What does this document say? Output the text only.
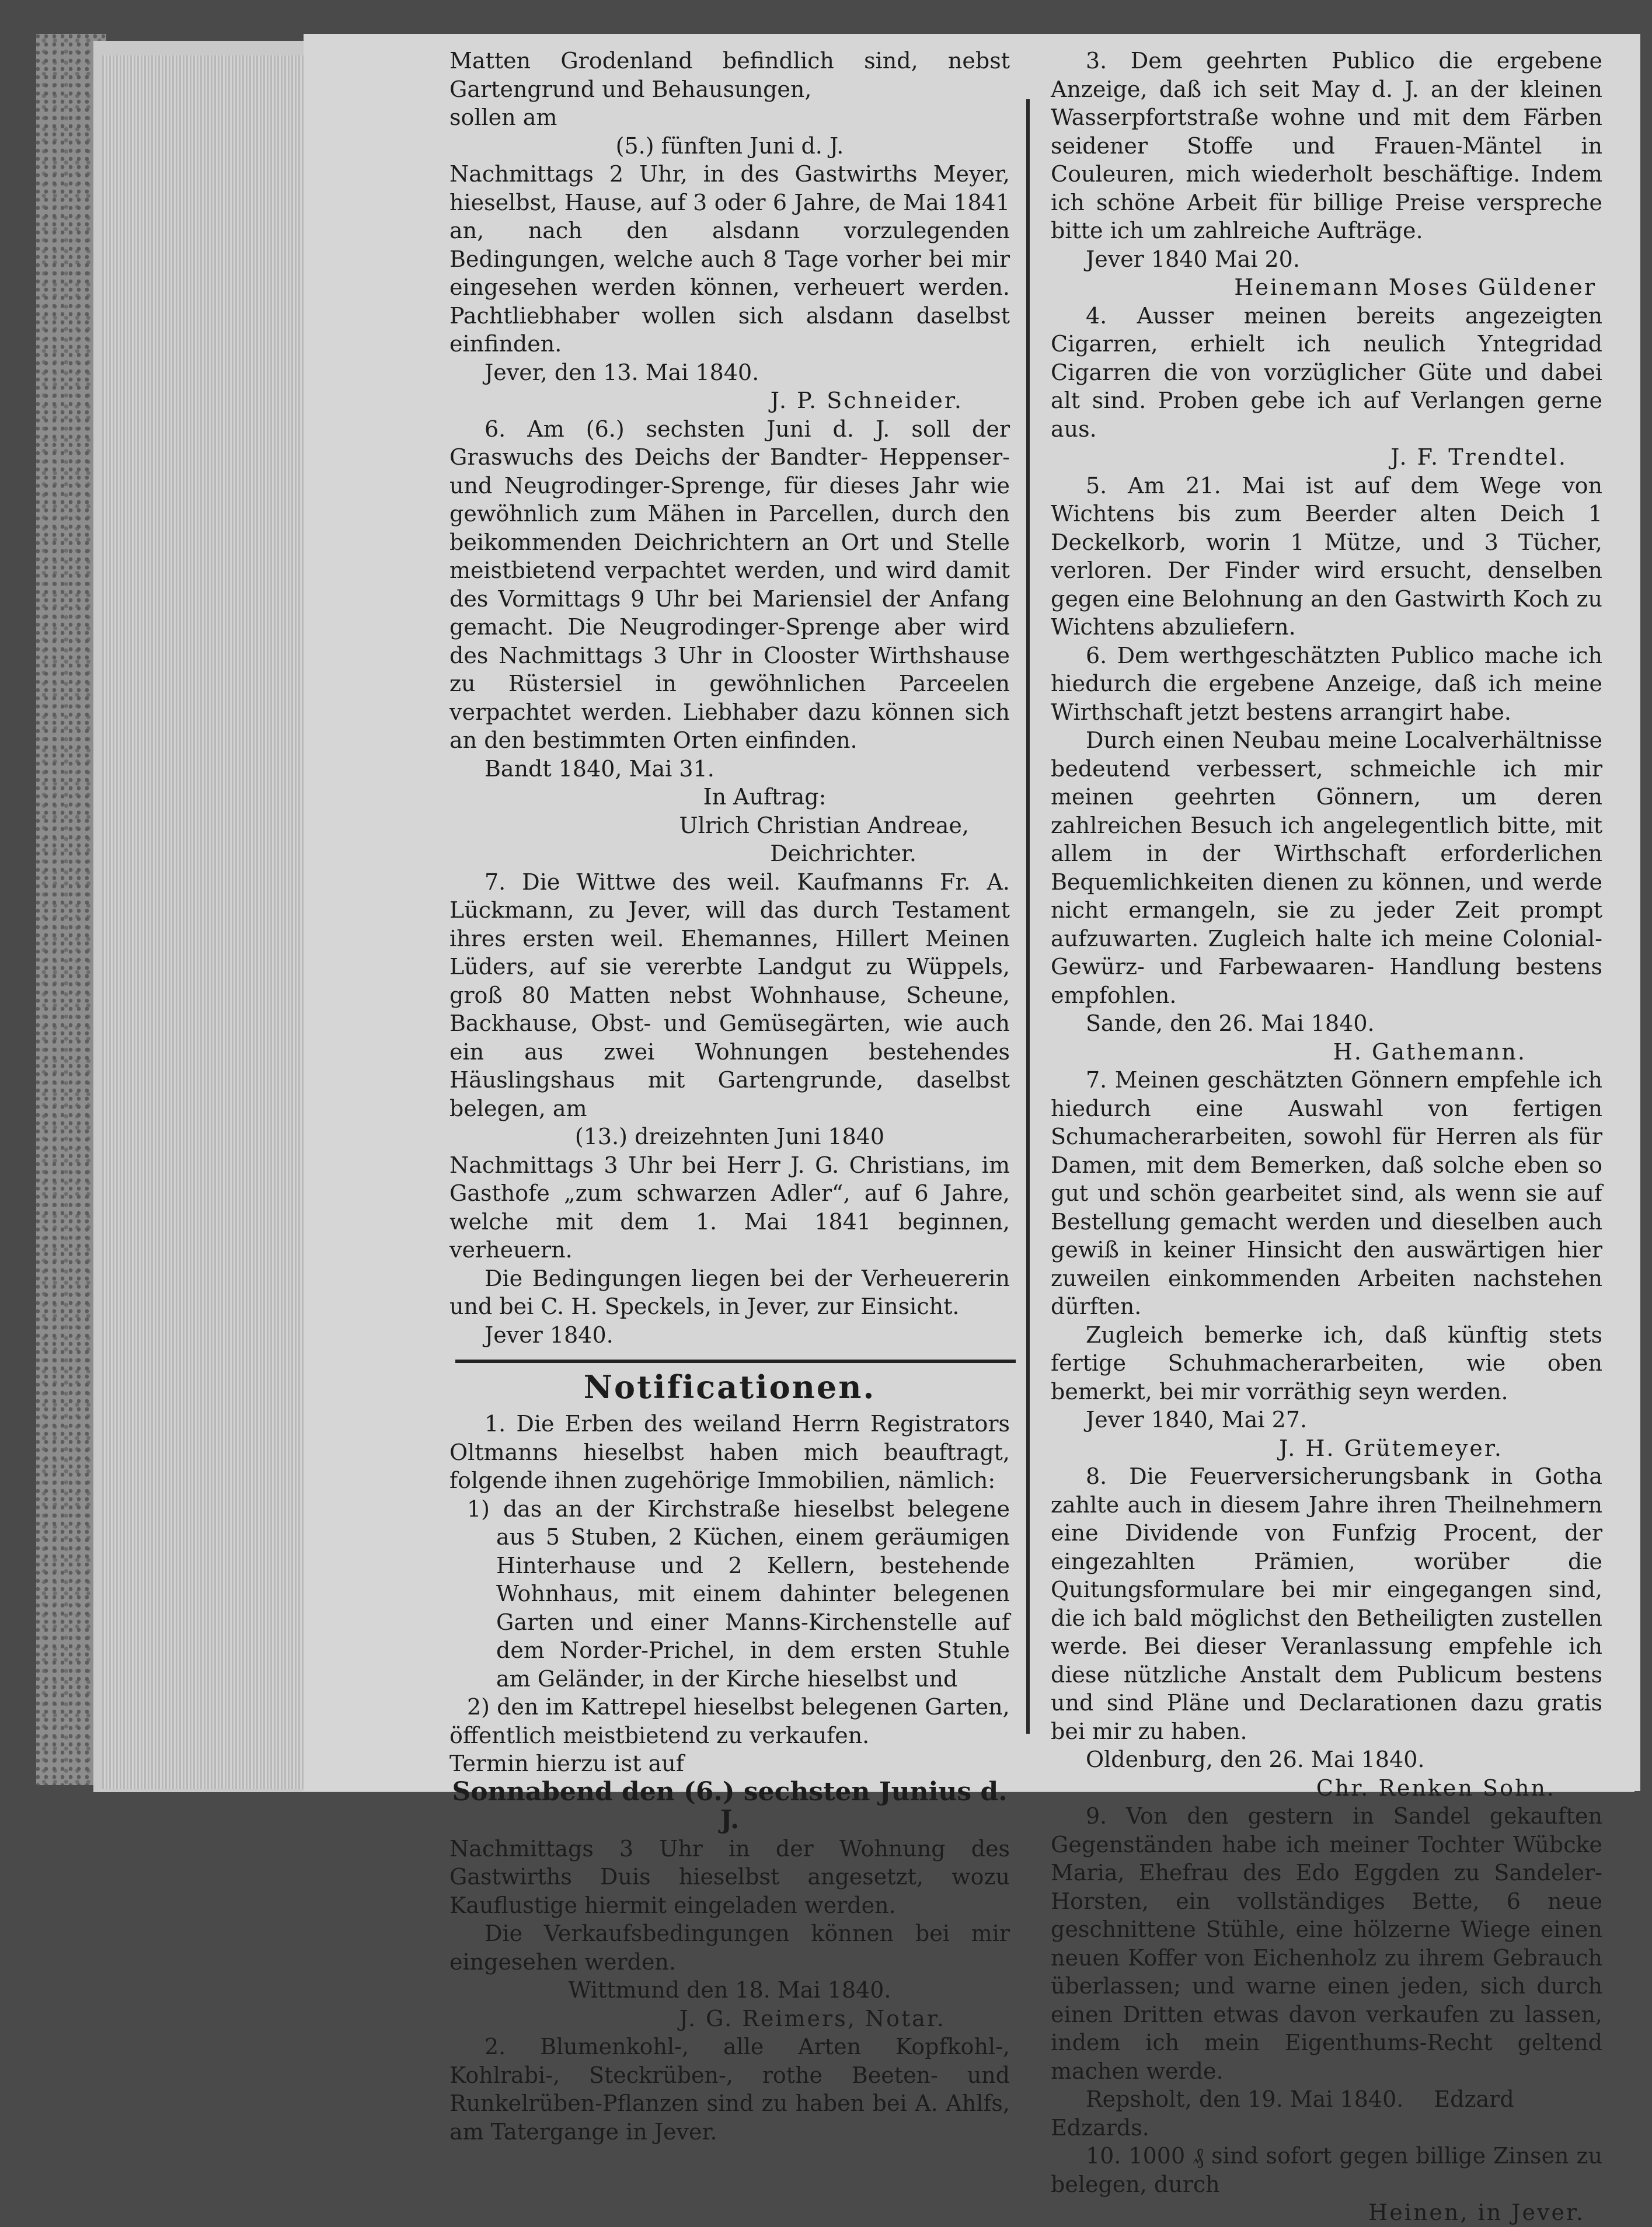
Matten Grodenland befindlich sind, nebst Gartengrund und Behausungen,

sollen am

(5.) fünften Juni d. J.

Nachmittags 2 Uhr, in des Gastwirths Meyer, hieselbst, Hause, auf 3 oder 6 Jahre, de Mai 1841 an, nach den alsdann vorzulegenden Bedingungen, welche auch 8 Tage vorher bei mir eingesehen werden können, verheuert werden. Pachtliebhaber wollen sich alsdann daselbst einfinden.

Jever, den 13. Mai 1840.

J. P. Schneider.

6. Am (6.) sechsten Juni d. J. soll der Graswuchs des Deichs der Bandter- Heppenser- und Neugrodinger-Sprenge, für dieses Jahr wie gewöhnlich zum Mähen in Parcellen, durch den beikommenden Deichrichtern an Ort und Stelle meistbietend verpachtet werden, und wird damit des Vormittags 9 Uhr bei Mariensiel der Anfang gemacht. Die Neugrodinger-Sprenge aber wird des Nachmittags 3 Uhr in Clooster Wirthshause zu Rüstersiel in gewöhnlichen Parceelen verpachtet werden. Liebhaber dazu können sich an den bestimmten Orten einfinden.

Bandt 1840, Mai 31.

In Auftrag:

Ulrich Christian Andreae,

Deichrichter.

7. Die Wittwe des weil. Kaufmanns Fr. A. Lückmann, zu Jever, will das durch Testament ihres ersten weil. Ehemannes, Hillert Meinen Lüders, auf sie vererbte Landgut zu Wüppels, groß 80 Matten nebst Wohnhause, Scheune, Backhause, Obst- und Gemüsegärten, wie auch ein aus zwei Wohnungen bestehendes Häuslingshaus mit Gartengrunde, daselbst belegen, am

(13.) dreizehnten Juni 1840

Nachmittags 3 Uhr bei Herr J. G. Christians, im Gasthofe „zum schwarzen Adler“, auf 6 Jahre, welche mit dem 1. Mai 1841 beginnen, verheuern.

Die Bedingungen liegen bei der Verheuererin und bei C. H. Speckels, in Jever, zur Einsicht.

Jever 1840.

Notificationen.

1. Die Erben des weiland Herrn Registrators Oltmanns hieselbst haben mich beauftragt, folgende ihnen zugehörige Immobilien, nämlich:

1) das an der Kirchstraße hieselbst belegene aus 5 Stuben, 2 Küchen, einem geräumigen Hinterhause und 2 Kellern, bestehende Wohnhaus, mit einem dahinter belegenen Garten und einer Manns-Kirchenstelle auf dem Norder-Prichel, in dem ersten Stuhle am Geländer, in der Kirche hieselbst und

2) den im Kattrepel hieselbst belegenen Garten,

öffentlich meistbietend zu verkaufen.

Termin hierzu ist auf

Sonnabend den (6.) sechsten Junius d. J.

Nachmittags 3 Uhr in der Wohnung des Gastwirths Duis hieselbst angesetzt, wozu Kauflustige hiermit eingeladen werden.

Die Verkaufsbedingungen können bei mir eingesehen werden.

Wittmund den 18. Mai 1840.

J. G. Reimers, Notar.

2. Blumenkohl-, alle Arten Kopfkohl-, Kohlrabi-, Steckrüben-, rothe Beeten- und Runkelrüben-Pflanzen sind zu haben bei A. Ahlfs, am Tatergange in Jever.

3. Dem geehrten Publico die ergebene Anzeige, daß ich seit May d. J. an der kleinen Wasserpfortstraße wohne und mit dem Färben seidener Stoffe und Frauen-Mäntel in Couleuren, mich wiederholt beschäftige. Indem ich schöne Arbeit für billige Preise verspreche bitte ich um zahlreiche Aufträge.

Jever 1840 Mai 20.

Heinemann Moses Güldener

4. Ausser meinen bereits angezeigten Cigarren, erhielt ich neulich Yntegridad Cigarren die von vorzüglicher Güte und dabei alt sind. Proben gebe ich auf Verlangen gerne aus.

J. F. Trendtel.

5. Am 21. Mai ist auf dem Wege von Wichtens bis zum Beerder alten Deich 1 Deckelkorb, worin 1 Mütze, und 3 Tücher, verloren. Der Finder wird ersucht, denselben gegen eine Belohnung an den Gastwirth Koch zu Wichtens abzuliefern.

6. Dem werthgeschätzten Publico mache ich hiedurch die ergebene Anzeige, daß ich meine Wirthschaft jetzt bestens arrangirt habe.

Durch einen Neubau meine Localverhältnisse bedeutend verbessert, schmeichle ich mir meinen geehrten Gönnern, um deren zahlreichen Besuch ich angelegentlich bitte, mit allem in der Wirthschaft erforderlichen Bequemlichkeiten dienen zu können, und werde nicht ermangeln, sie zu jeder Zeit prompt aufzuwarten. Zugleich halte ich meine Colonial- Gewürz- und Farbewaaren- Handlung bestens empfohlen.

Sande, den 26. Mai 1840.

H. Gathemann.

7. Meinen geschätzten Gönnern empfehle ich hiedurch eine Auswahl von fertigen Schumacherarbeiten, sowohl für Herren als für Damen, mit dem Bemerken, daß solche eben so gut und schön gearbeitet sind, als wenn sie auf Bestellung gemacht werden und dieselben auch gewiß in keiner Hinsicht den auswärtigen hier zuweilen einkommenden Arbeiten nachstehen dürften.

Zugleich bemerke ich, daß künftig stets fertige Schuhmacherarbeiten, wie oben bemerkt, bei mir vorräthig seyn werden.

Jever 1840, Mai 27.

J. H. Grütemeyer.

8. Die Feuerversicherungsbank in Gotha zahlte auch in diesem Jahre ihren Theilnehmern eine Dividende von Funfzig Procent, der eingezahlten Prämien, worüber die Quitungsformulare bei mir eingegangen sind, die ich bald möglichst den Betheiligten zustellen werde. Bei dieser Veranlassung empfehle ich diese nützliche Anstalt dem Publicum bestens und sind Pläne und Declarationen dazu gratis bei mir zu haben.

Oldenburg, den 26. Mai 1840.

Chr. Renken Sohn.

9. Von den gestern in Sandel gekauften Gegenständen habe ich meiner Tochter Wübcke Maria, Ehefrau des Edo Eggden zu Sandeler-Horsten, ein vollständiges Bette, 6 neue geschnittene Stühle, eine hölzerne Wiege einen neuen Koffer von Eichenholz zu ihrem Gebrauch überlassen; und warne einen jeden, sich durch einen Dritten etwas davon verkaufen zu lassen, indem ich mein Eigenthums-Recht geltend machen werde.

Repsholt, den 19. Mai 1840. Edzard Edzards.

10. 1000 ₰ sind sofort gegen billige Zinsen zu belegen, durch

Heinen, in Jever.
